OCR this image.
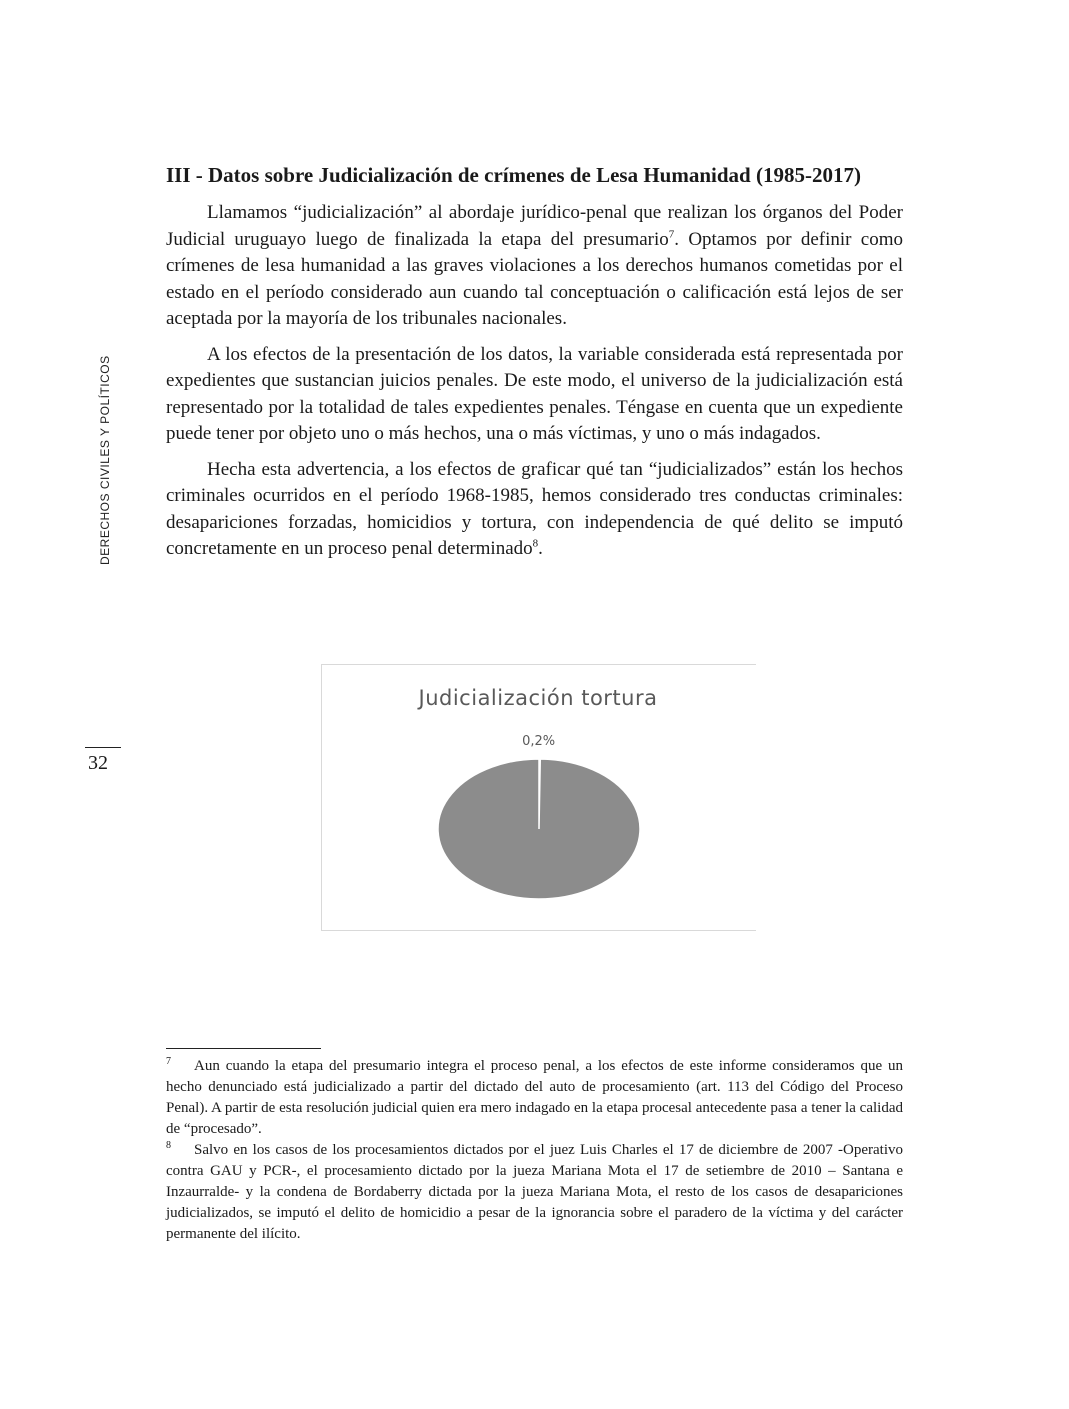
DERECHOS CIVILES Y POLÍTICOS
32
III - Datos sobre Judicialización de crímenes de Lesa Humanidad (1985-2017)

Llamamos “judicialización” al abordaje jurídico-penal que realizan los órganos del Poder Judicial uruguayo luego de finalizada la etapa del presumario$^7$. Optamos por definir como crímenes de lesa humanidad a las graves violaciones a los derechos humanos cometidas por el estado en el período considerado aun cuando tal conceptuación o calificación está lejos de ser aceptada por la mayoría de los tribunales nacionales.

A los efectos de la presentación de los datos, la variable considerada está representada por expedientes que sustancian juicios penales. De este modo, el universo de la judicialización está representado por la totalidad de tales expedientes penales. Téngase en cuenta que un expediente puede tener por objeto uno o más hechos, una o más víctimas, y uno o más indagados.

Hecha esta advertencia, a los efectos de graficar qué tan “judicializados” están los hechos criminales ocurridos en el período 1968-1985, hemos considerado tres conductas criminales: desapariciones forzadas, homicidios y tortura, con independencia de qué delito se imputó concretamente en un proceso penal determinado$^8$.

Judicialización tortura
0,2%

7 Aun cuando la etapa del presumario integra el proceso penal, a los efectos de este informe consideramos que un hecho denunciado está judicializado a partir del dictado del auto de procesamiento (art. 113 del Código del Proceso Penal). A partir de esta resolución judicial quien era mero indagado en la etapa procesal antecedente pasa a tener la calidad de “procesado”.

8 Salvo en los casos de los procesamientos dictados por el juez Luis Charles el 17 de diciembre de 2007 -Operativo contra GAU y PCR-, el procesamiento dictado por la jueza Mariana Mota el 17 de setiembre de 2010 – Santana e Inzaurralde- y la condena de Bordaberry dictada por la jueza Mariana Mota, el resto de los casos de desapariciones judicializados, se imputó el delito de homicidio a pesar de la ignorancia sobre el paradero de la víctima y del carácter permanente del ilícito.
